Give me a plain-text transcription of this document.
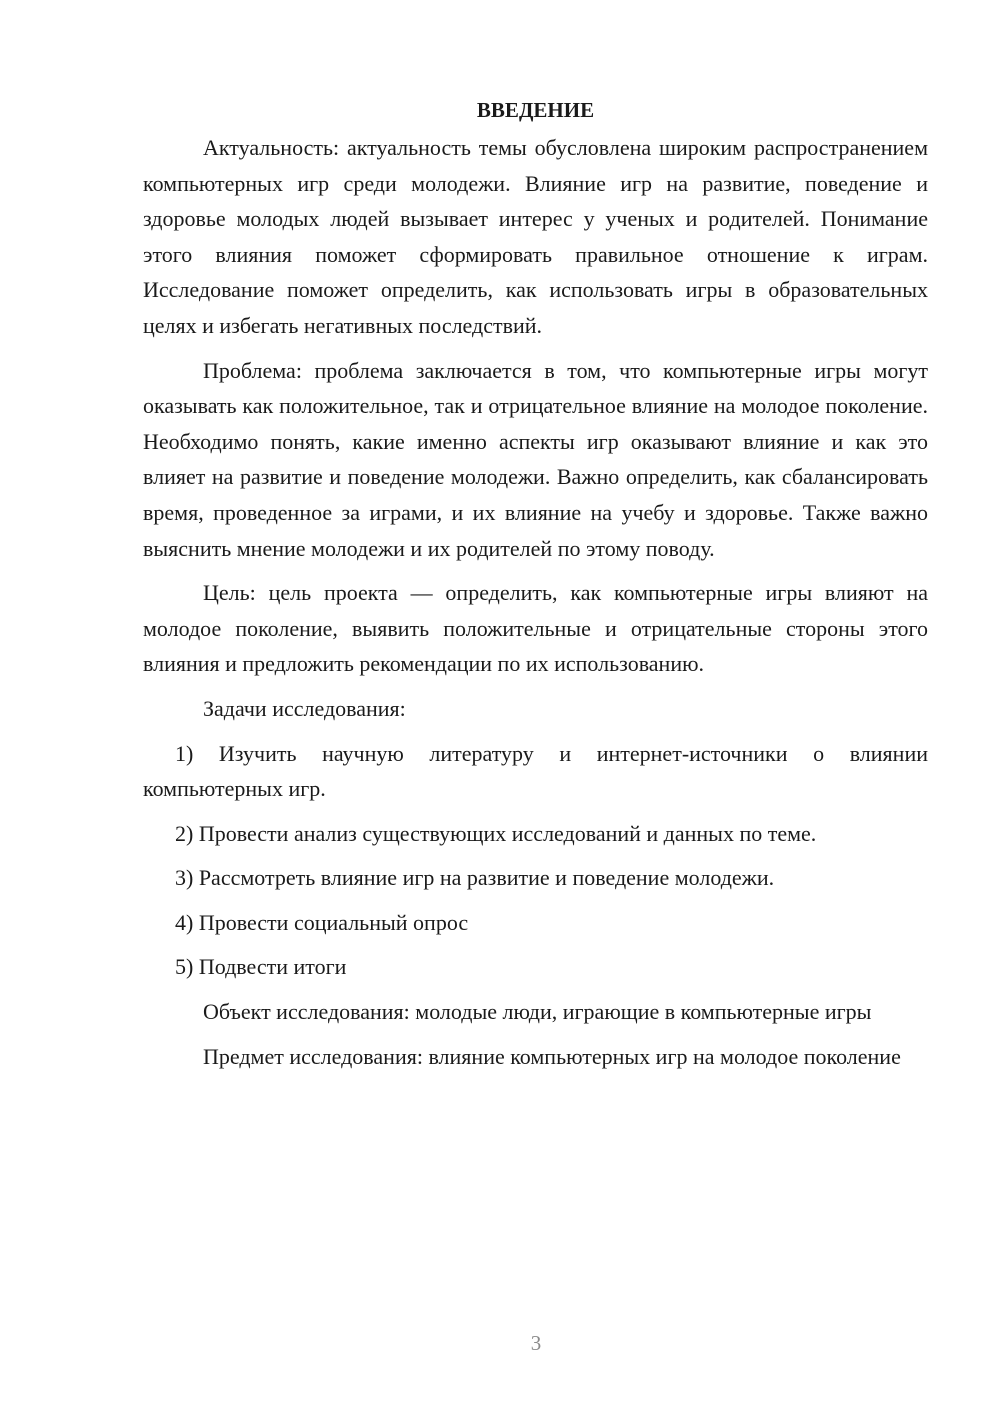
ВВЕДЕНИЕ

Актуальность: актуальность темы обусловлена широким распространением компьютерных игр среди молодежи. Влияние игр на развитие, поведение и здоровье молодых людей вызывает интерес у ученых и родителей. Понимание этого влияния поможет сформировать правильное отношение к играм. Исследование поможет определить, как использовать игры в образовательных целях и избегать негативных последствий.

Проблема: проблема заключается в том, что компьютерные игры могут оказывать как положительное, так и отрицательное влияние на молодое поколение. Необходимо понять, какие именно аспекты игр оказывают влияние и как это влияет на развитие и поведение молодежи. Важно определить, как сбалансировать время, проведенное за играми, и их влияние на учебу и здоровье. Также важно выяснить мнение молодежи и их родителей по этому поводу.

Цель: цель проекта — определить, как компьютерные игры влияют на молодое поколение, выявить положительные и отрицательные стороны этого влияния и предложить рекомендации по их использованию.

Задачи исследования:

1) Изучить научную литературу и интернет-источники о влиянии компьютерных игр.

2) Провести анализ существующих исследований и данных по теме.

3) Рассмотреть влияние игр на развитие и поведение молодежи.

4) Провести социальный опрос

5) Подвести итоги

Объект исследования: молодые люди, играющие в компьютерные игры

Предмет исследования: влияние компьютерных игр на молодое поколение

3
